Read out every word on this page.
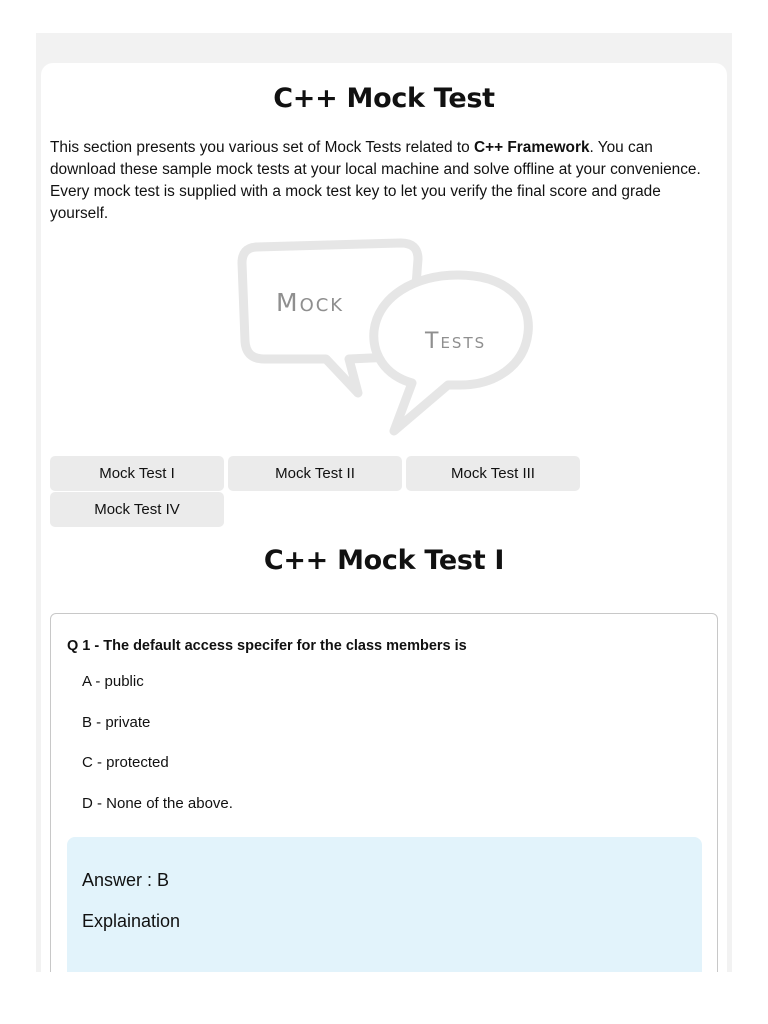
C++ Mock Test
This section presents you various set of Mock Tests related to C++ Framework. You can download these sample mock tests at your local machine and solve offline at your convenience. Every mock test is supplied with a mock test key to let you verify the final score and grade yourself.
Mock
Tests
Mock Test I	Mock Test II	Mock Test III
Mock Test IV
C++ Mock Test I
Q 1 - The default access specifer for the class members is
A - public
B - private
C - protected
D - None of the above.
Answer : B
Explaination
